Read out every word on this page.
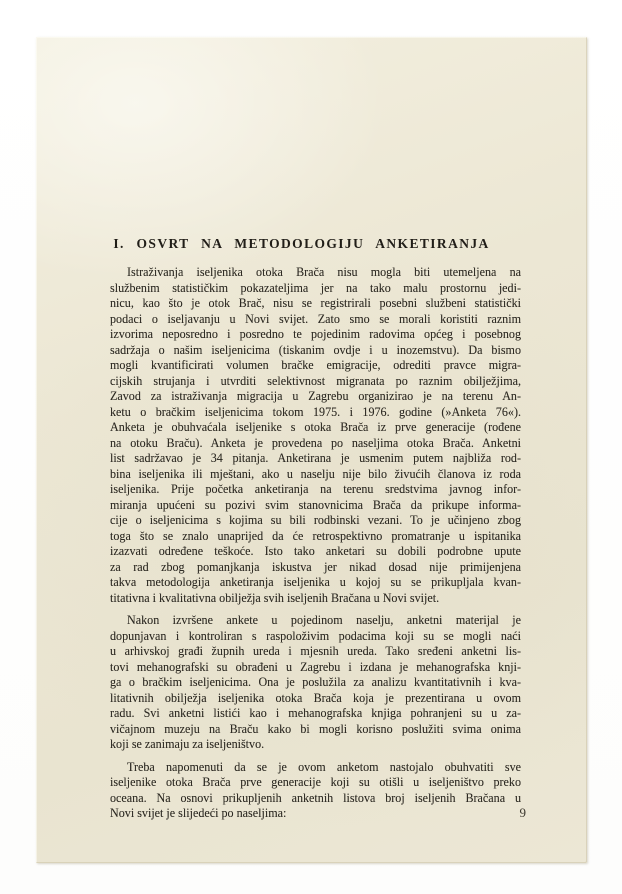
I. OSVRT NA METODOLOGIJU ANKETIRANJA
Istraživanja iseljenika otoka Brača nisu mogla biti utemeljena na
službenim statističkim pokazateljima jer na tako malu prostornu jedi-
nicu, kao što je otok Brač, nisu se registrirali posebni službeni statistički
podaci o iseljavanju u Novi svijet. Zato smo se morali koristiti raznim
izvorima neposredno i posredno te pojedinim radovima općeg i posebnog
sadržaja o našim iseljenicima (tiskanim ovdje i u inozemstvu). Da bismo
mogli kvantificirati volumen bračke emigracije, odrediti pravce migra-
cijskih strujanja i utvrditi selektivnost migranata po raznim obilježjima,
Zavod za istraživanja migracija u Zagrebu organizirao je na terenu An-
ketu o bračkim iseljenicima tokom 1975. i 1976. godine (»Anketa 76«).
Anketa je obuhvaćala iseljenike s otoka Brača iz prve generacije (rođene
na otoku Braču). Anketa je provedena po naseljima otoka Brača. Anketni
list sadržavao je 34 pitanja. Anketirana je usmenim putem najbliža rod-
bina iseljenika ili mještani, ako u naselju nije bilo živućih članova iz roda
iseljenika. Prije početka anketiranja na terenu sredstvima javnog infor-
miranja upućeni su pozivi svim stanovnicima Brača da prikupe informa-
cije o iseljenicima s kojima su bili rodbinski vezani. To je učinjeno zbog
toga što se znalo unaprijed da će retrospektivno promatranje u ispitanika
izazvati određene teškoće. Isto tako anketari su dobili podrobne upute
za rad zbog pomanjkanja iskustva jer nikad dosad nije primijenjena
takva metodologija anketiranja iseljenika u kojoj su se prikupljala kvan-
titativna i kvalitativna obilježja svih iseljenih Bračana u Novi svijet.
Nakon izvršene ankete u pojedinom naselju, anketni materijal je
dopunjavan i kontroliran s raspoloživim podacima koji su se mogli naći
u arhivskoj građi župnih ureda i mjesnih ureda. Tako sređeni anketni lis-
tovi mehanografski su obrađeni u Zagrebu i izdana je mehanografska knji-
ga o bračkim iseljenicima. Ona je poslužila za analizu kvantitativnih i kva-
litativnih obilježja iseljenika otoka Brača koja je prezentirana u ovom
radu. Svi anketni listići kao i mehanografska knjiga pohranjeni su u za-
vičajnom muzeju na Braču kako bi mogli korisno poslužiti svima onima
koji se zanimaju za iseljeništvo.
Treba napomenuti da se je ovom anketom nastojalo obuhvatiti sve
iseljenike otoka Brača prve generacije koji su otišli u iseljeništvo preko
oceana. Na osnovi prikupljenih anketnih listova broj iseljenih Bračana u
Novi svijet je slijedeći po naseljima:	9
